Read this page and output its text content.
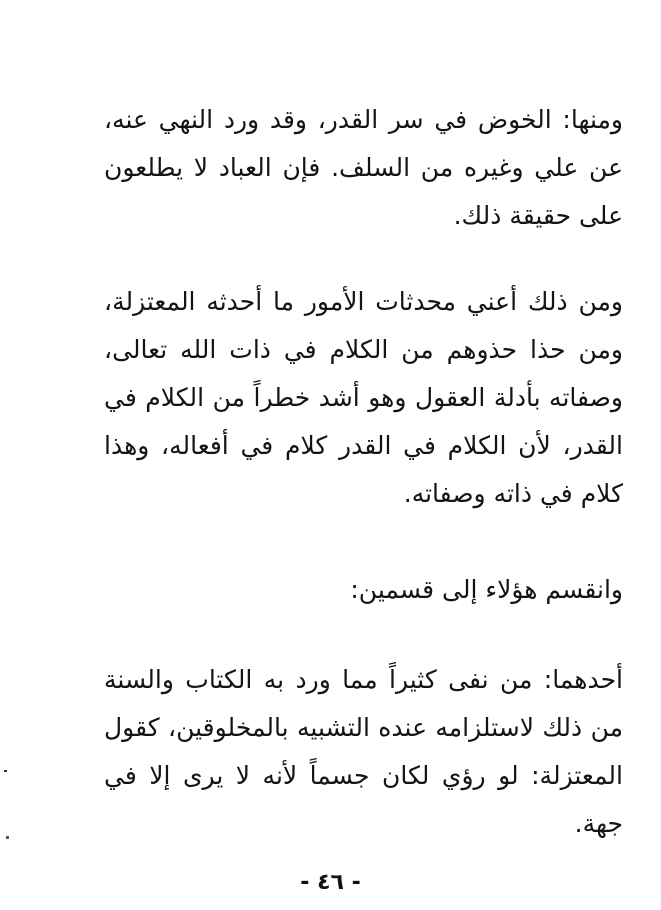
ومنها: الخوض في سر القدر، وقد ورد النهي عنه،
عن علي وغيره من السلف. فإن العباد لا يطلعون
على حقيقة ذلك.
ومن ذلك أعني محدثات الأمور ما أحدثه المعتزلة،
ومن حذا حذوهم من الكلام في ذات الله تعالى،
وصفاته بأدلة العقول وهو أشد خطراً من الكلام في
القدر، لأن الكلام في القدر كلام في أفعاله، وهذا
كلام في ذاته وصفاته.
وانقسم هؤلاء إلى قسمين:
أحدهما: من نفى كثيراً مما ورد به الكتاب والسنة
من ذلك لاستلزامه عنده التشبيه بالمخلوقين، كقول
المعتزلة: لو رؤي لكان جسماً لأنه لا يرى إلا في
جهة.
- ٤٦ -
